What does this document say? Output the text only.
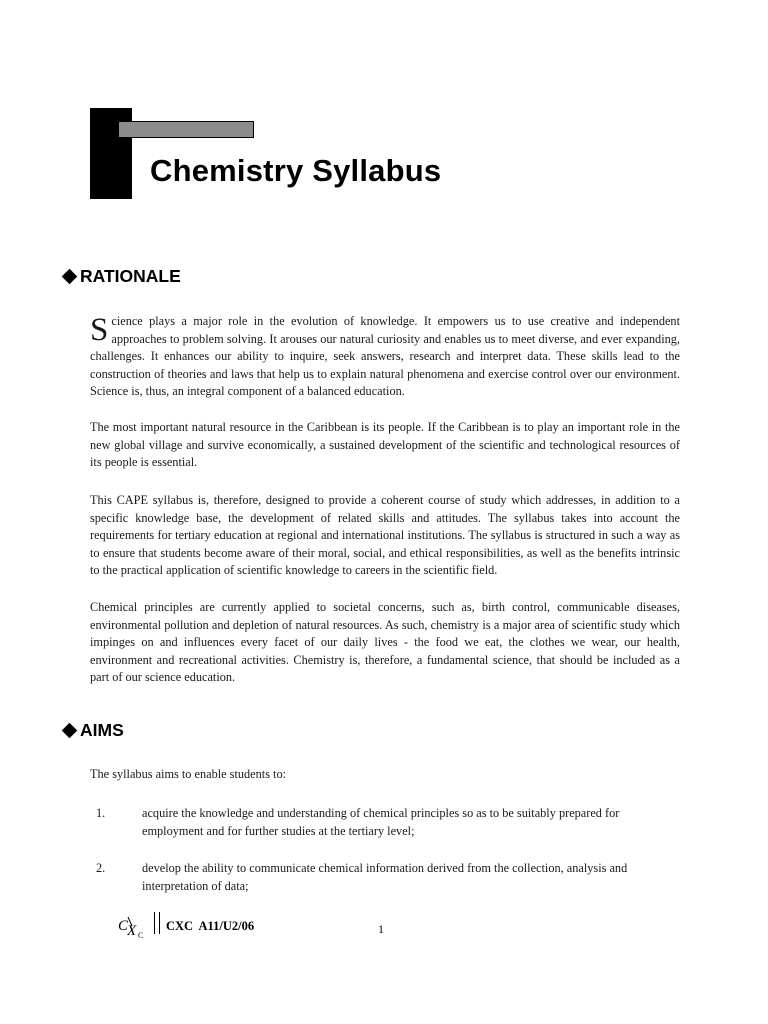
Chemistry Syllabus
RATIONALE

Science plays a major role in the evolution of knowledge. It empowers us to use creative and independent approaches to problem solving. It arouses our natural curiosity and enables us to meet diverse, and ever expanding, challenges. It enhances our ability to inquire, seek answers, research and interpret data. These skills lead to the construction of theories and laws that help us to explain natural phenomena and exercise control over our environment. Science is, thus, an integral component of a balanced education.

The most important natural resource in the Caribbean is its people. If the Caribbean is to play an important role in the new global village and survive economically, a sustained development of the scientific and technological resources of its people is essential.

This CAPE syllabus is, therefore, designed to provide a coherent course of study which addresses, in addition to a specific knowledge base, the development of related skills and attitudes. The syllabus takes into account the requirements for tertiary education at regional and international institutions. The syllabus is structured in such a way as to ensure that students become aware of their moral, social, and ethical responsibilities, as well as the benefits intrinsic to the practical application of scientific knowledge to careers in the scientific field.

Chemical principles are currently applied to societal concerns, such as, birth control, communicable diseases, environmental pollution and depletion of natural resources. As such, chemistry is a major area of scientific study which impinges on and influences every facet of our daily lives - the food we eat, the clothes we wear, our health, environment and recreational activities. Chemistry is, therefore, a fundamental science, that should be included as a part of our science education.

AIMS

The syllabus aims to enable students to:

1.	acquire the knowledge and understanding of chemical principles so as to be suitably prepared for employment and for further studies at the tertiary level;
2.	develop the ability to communicate chemical information derived from the collection, analysis and interpretation of data;
C
X C
CXC A11/U2/06	1
